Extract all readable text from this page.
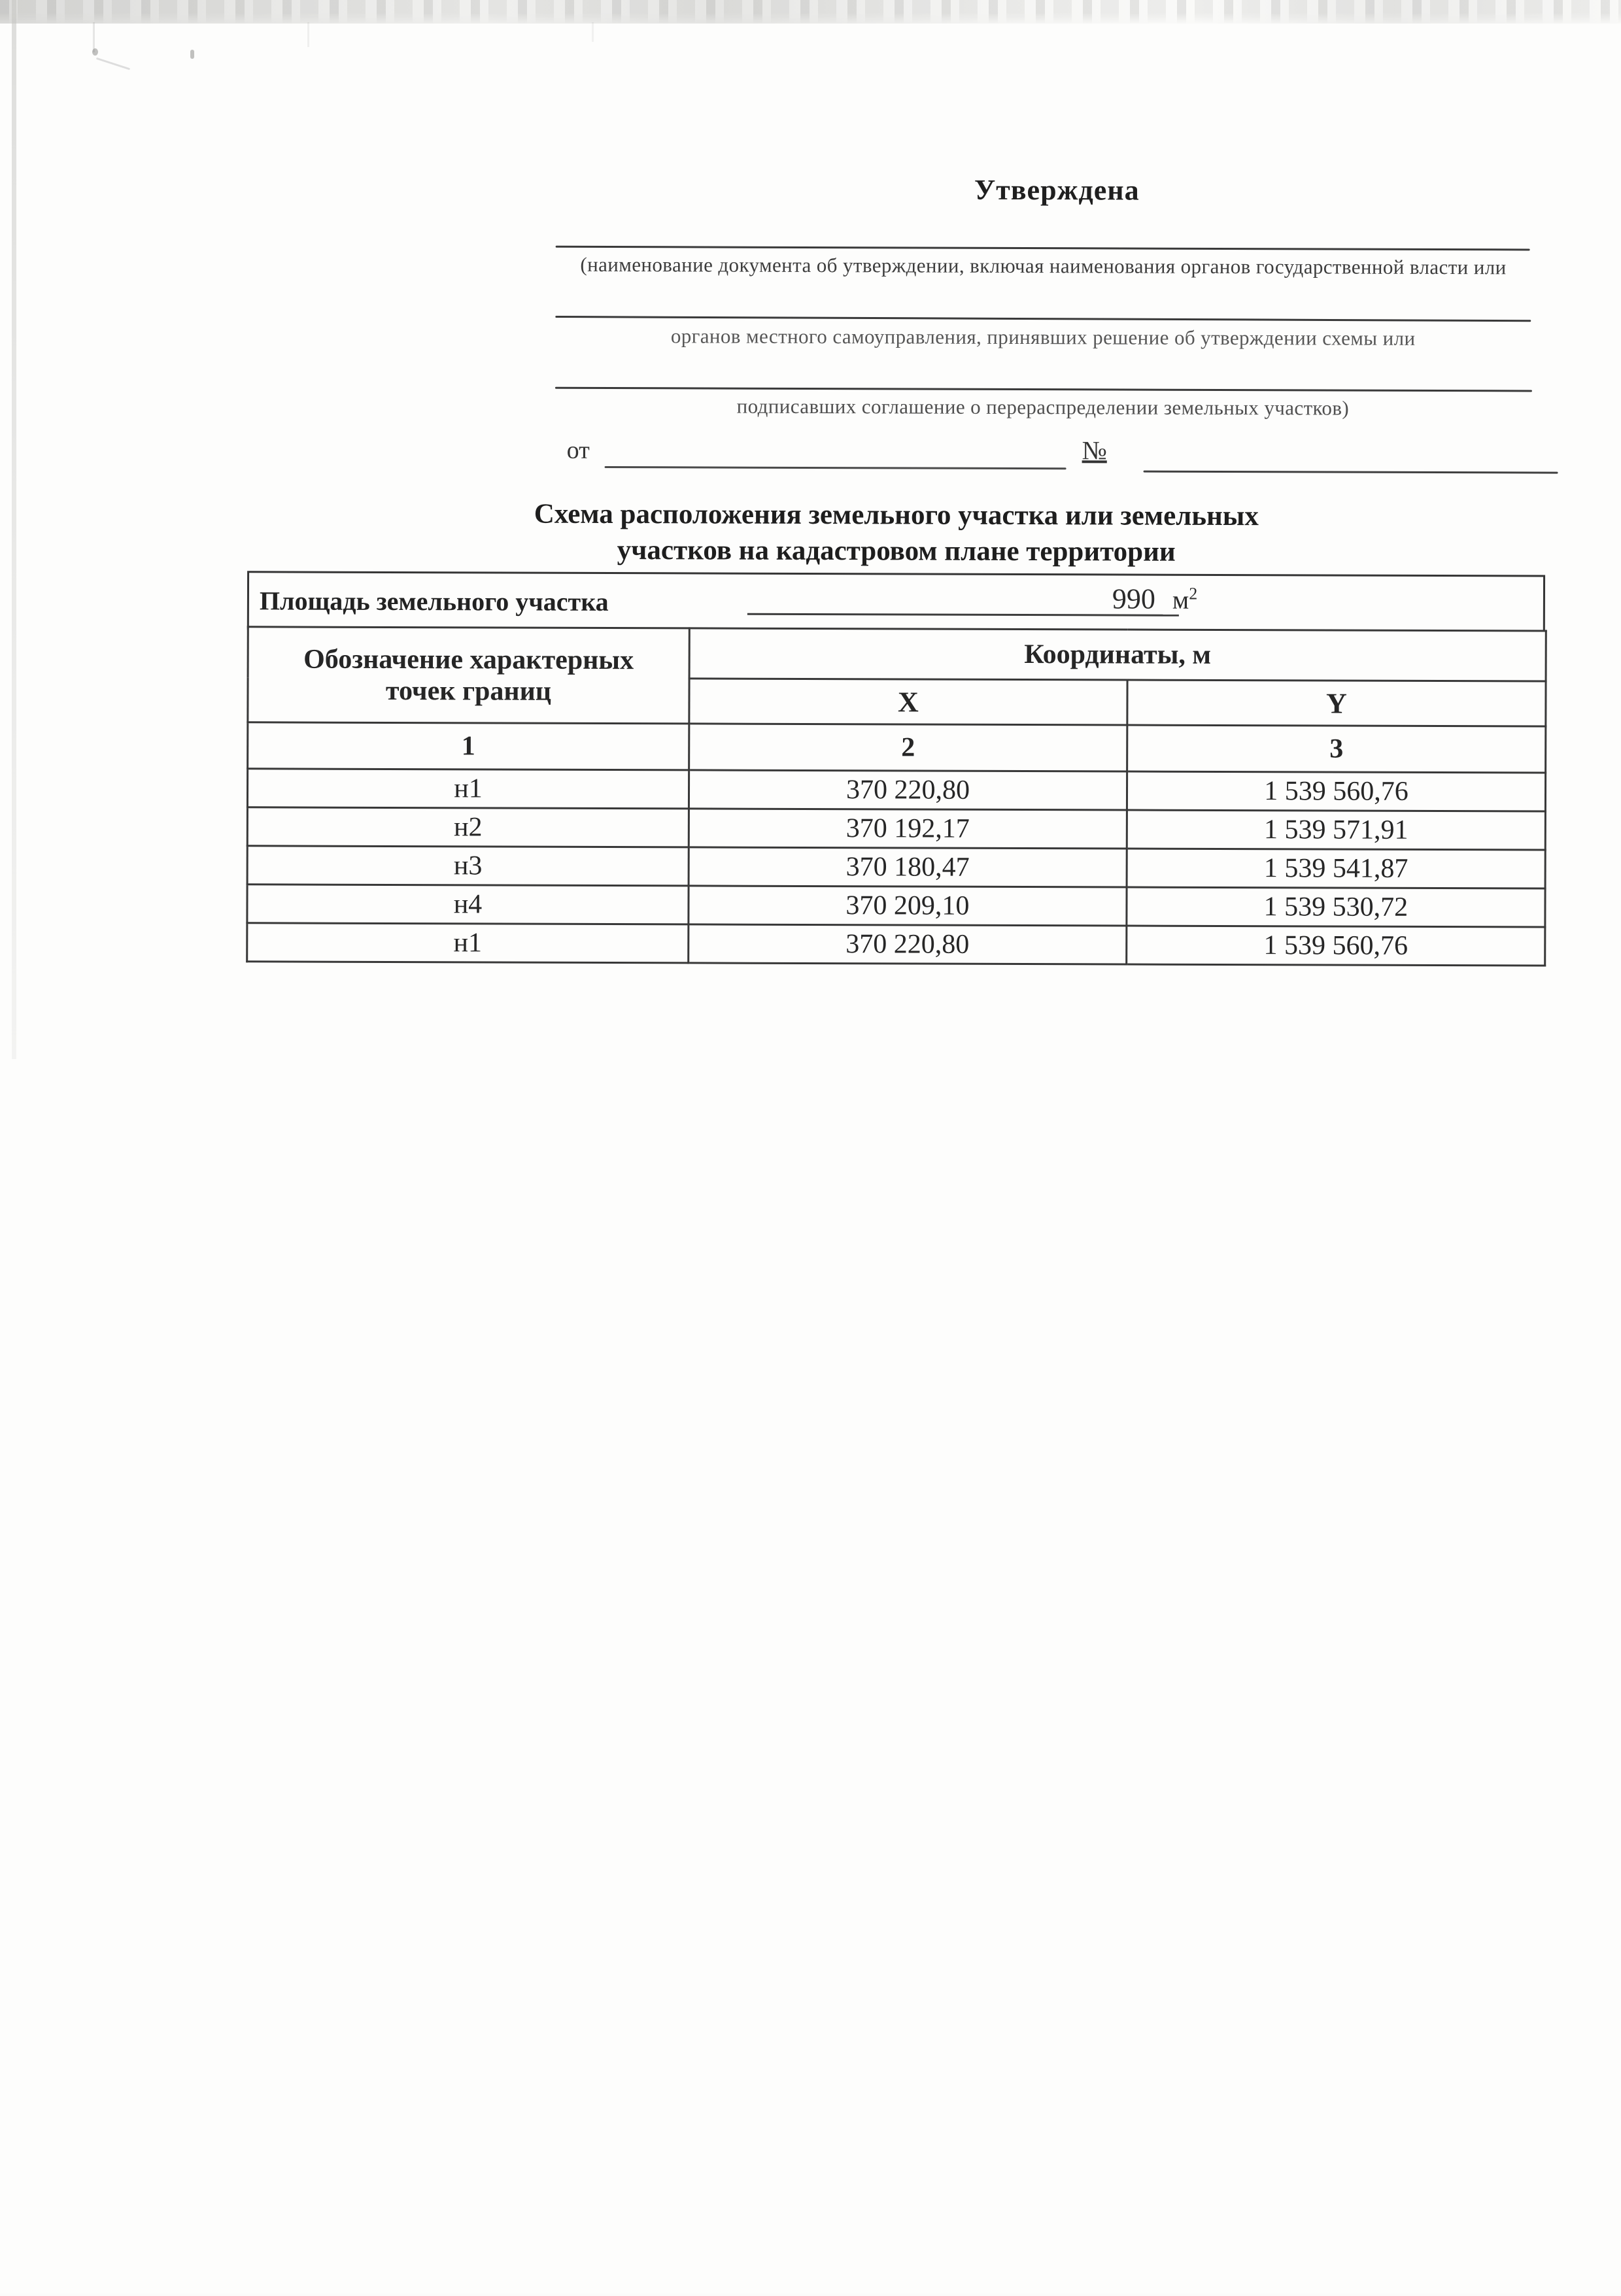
Утверждена
(наименование документа об утверждении, включая наименования органов государственной власти или
органов местного самоуправления, принявших решение об утверждении схемы или
подписавших соглашение о перераспределении земельных участков)
от	№
Схема расположения земельного участка или земельных
участков на кадастровом плане территории
Площадь земельного участка	990 $м^2$
Обозначение характерных
точек границ	Координаты, м	
	X	Y
1	2	3
н1	370 220,80	1 539 560,76
н2	370 192,17	1 539 571,91
н3	370 180,47	1 539 541,87
н4	370 209,10	1 539 530,72
н1	370 220,80	1 539 560,76
